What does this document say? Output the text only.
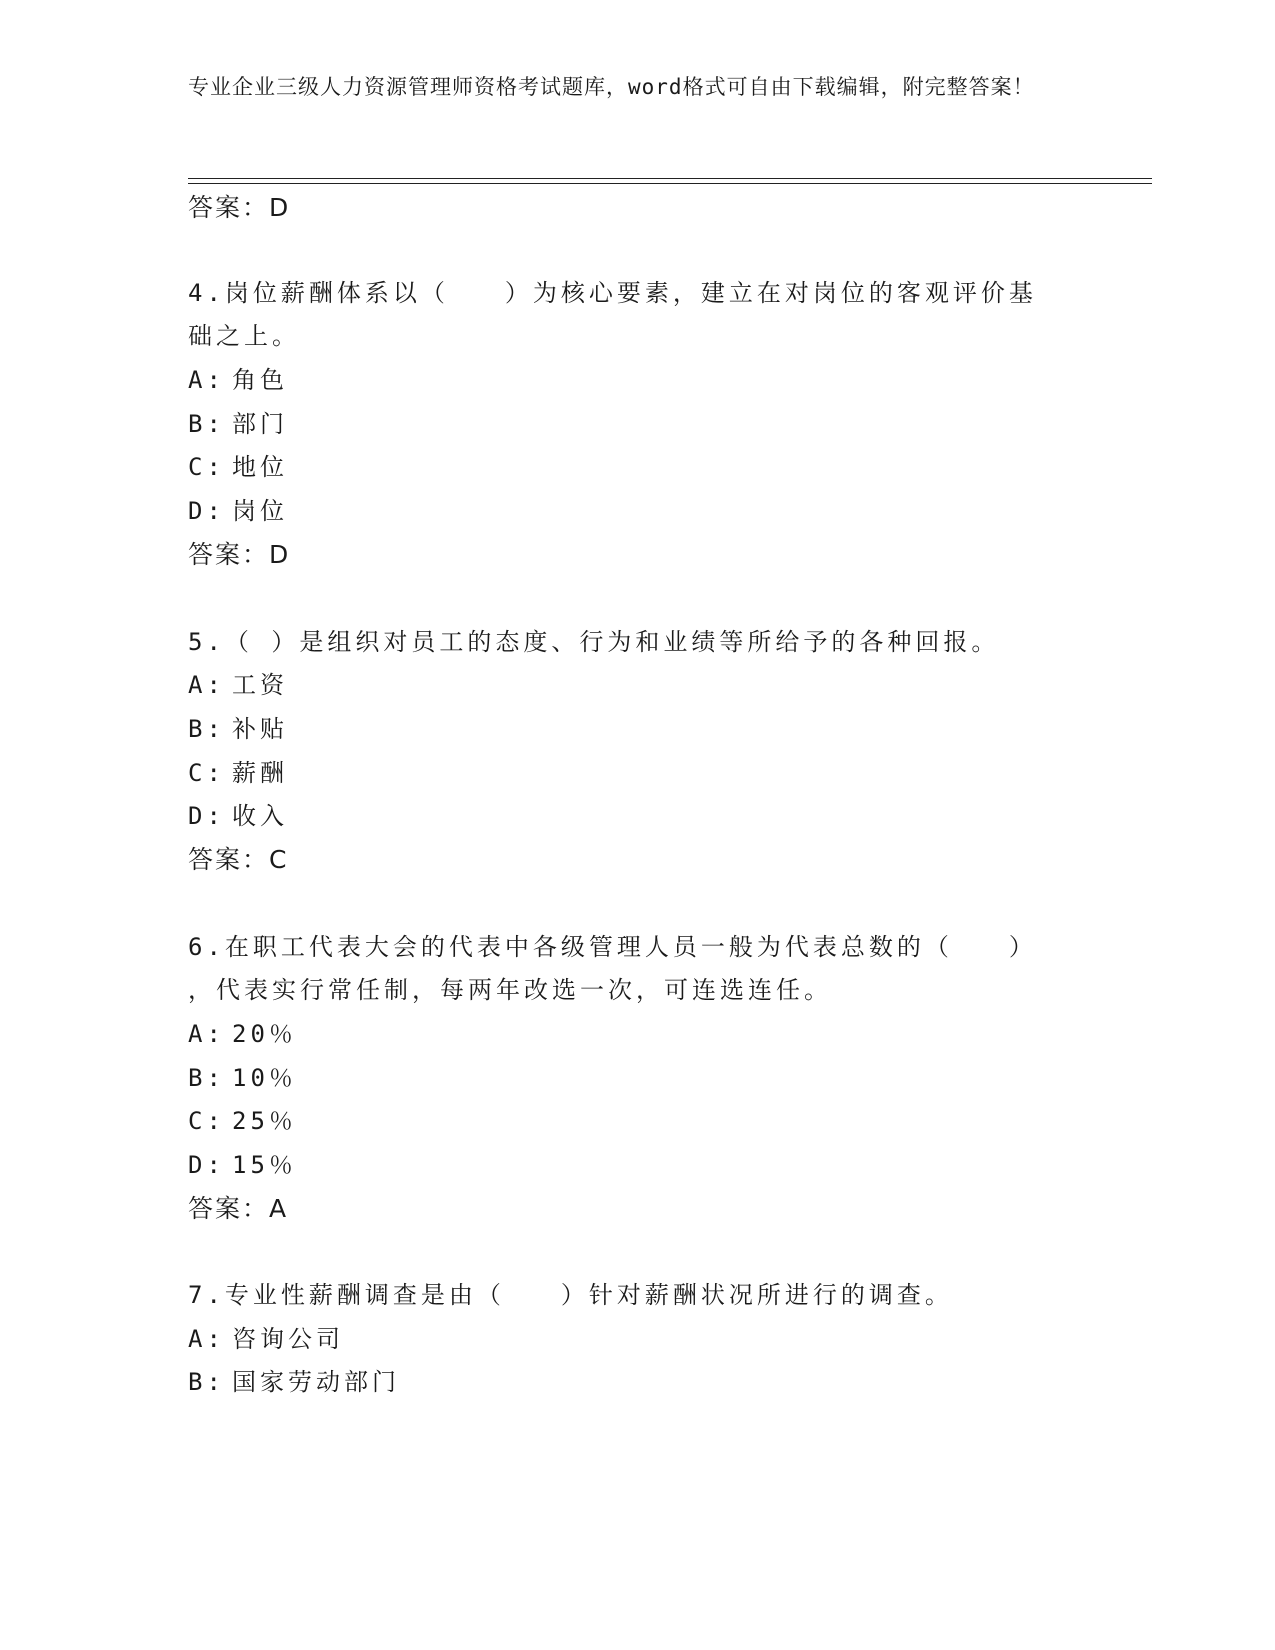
专业企业三级人力资源管理师资格考试题库，word格式可自由下载编辑，附完整答案！
答案：D
4.岗位薪酬体系以（　　）为核心要素，建立在对岗位的客观评价基
础之上。
A: 角色
B: 部门
C: 地位
D: 岗位
答案：D
5.（ ）是组织对员工的态度、行为和业绩等所给予的各种回报。
A: 工资
B: 补贴
C: 薪酬
D: 收入
答案：C
6.在职工代表大会的代表中各级管理人员一般为代表总数的（　　）
，代表实行常任制，每两年改选一次，可连选连任。
A: 20％
B: 10％
C: 25％
D: 15％
答案：A
7.专业性薪酬调查是由（　　）针对薪酬状况所进行的调查。
A: 咨询公司
B: 国家劳动部门
